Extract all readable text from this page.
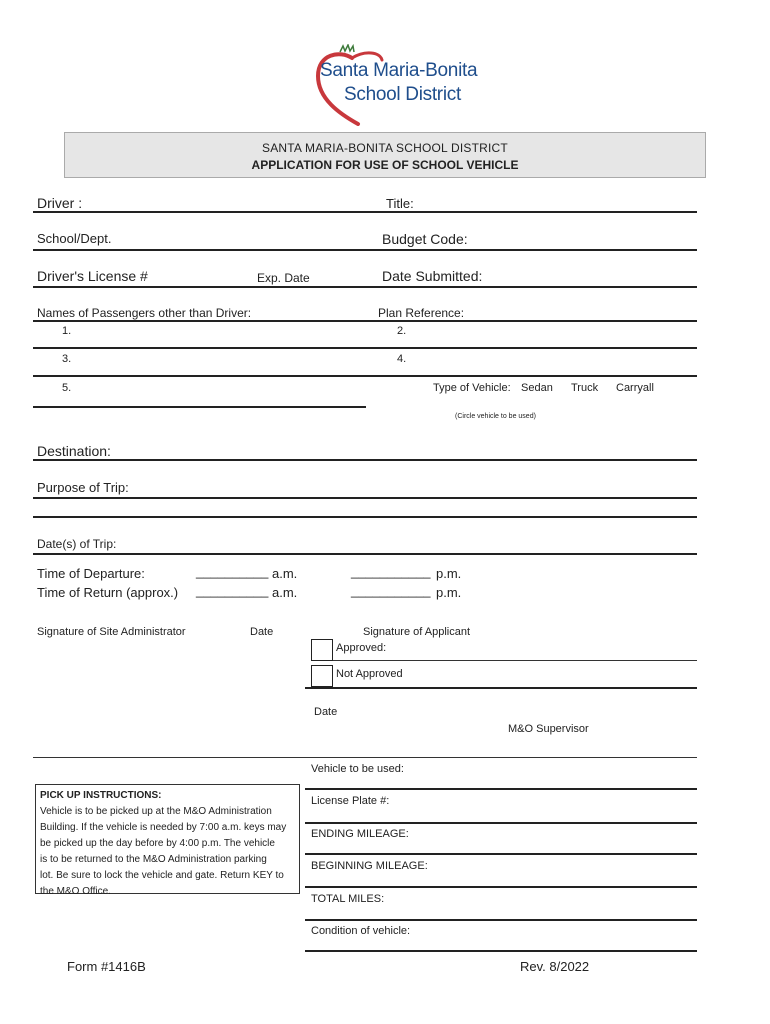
Santa Maria-Bonita
School District
SANTA MARIA-BONITA SCHOOL DISTRICT
APPLICATION FOR USE OF SCHOOL VEHICLE
Driver :	Title:
School/Dept.	Budget Code:
Driver's License #	Exp. Date	Date Submitted:
Names of Passengers other than Driver:	Plan Reference:
1.	2.
3.	4.
5.	Type of Vehicle: Sedan Truck Carryall
(Circle vehicle to be used)
Destination:
Purpose of Trip:
Date(s) of Trip:
Time of Departure:	__________ a.m.	___________ p.m.
Time of Return (approx.) __________ a.m.	___________ p.m.
Signature of Site Administrator	Date	Signature of Applicant
Approved:
Not Approved
Date
M&O Supervisor
Vehicle to be used:
License Plate #:
ENDING MILEAGE:
BEGINNING MILEAGE:
TOTAL MILES:
Condition of vehicle:
PICK UP INSTRUCTIONS:
Vehicle is to be picked up at the M&O Administration
Building. If the vehicle is needed by 7:00 a.m. keys may
be picked up the day before by 4:00 p.m. The vehicle
is to be returned to the M&O Administration parking
lot. Be sure to lock the vehicle and gate. Return KEY to
the M&O Office.
Form #1416B	Rev. 8/2022
